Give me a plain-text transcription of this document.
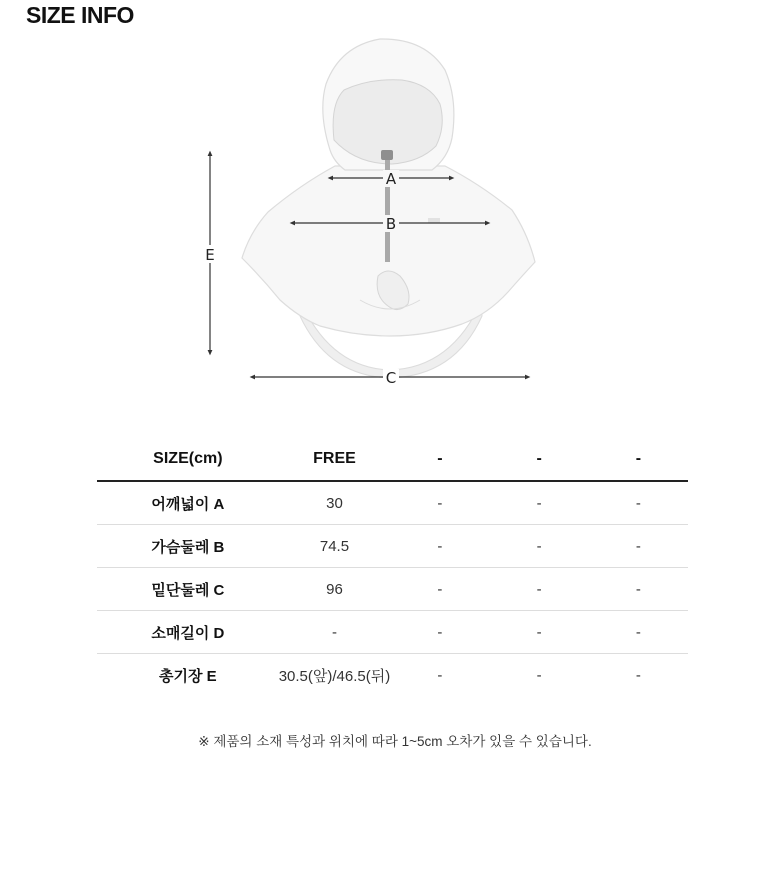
SIZE INFO
A
B
C
E
SIZE(cm)	FREE	-	-	-
어깨넓이 A	30	-	-	-
가슴둘레 B	74.5	-	-	-
밑단둘레 C	96	-	-	-
소매길이 D	-	-	-	-
총기장 E	30.5(앞)/46.5(뒤)	-	-	-
※ 제품의 소재 특성과 위치에 따라 1~5cm 오차가 있을 수 있습니다.
